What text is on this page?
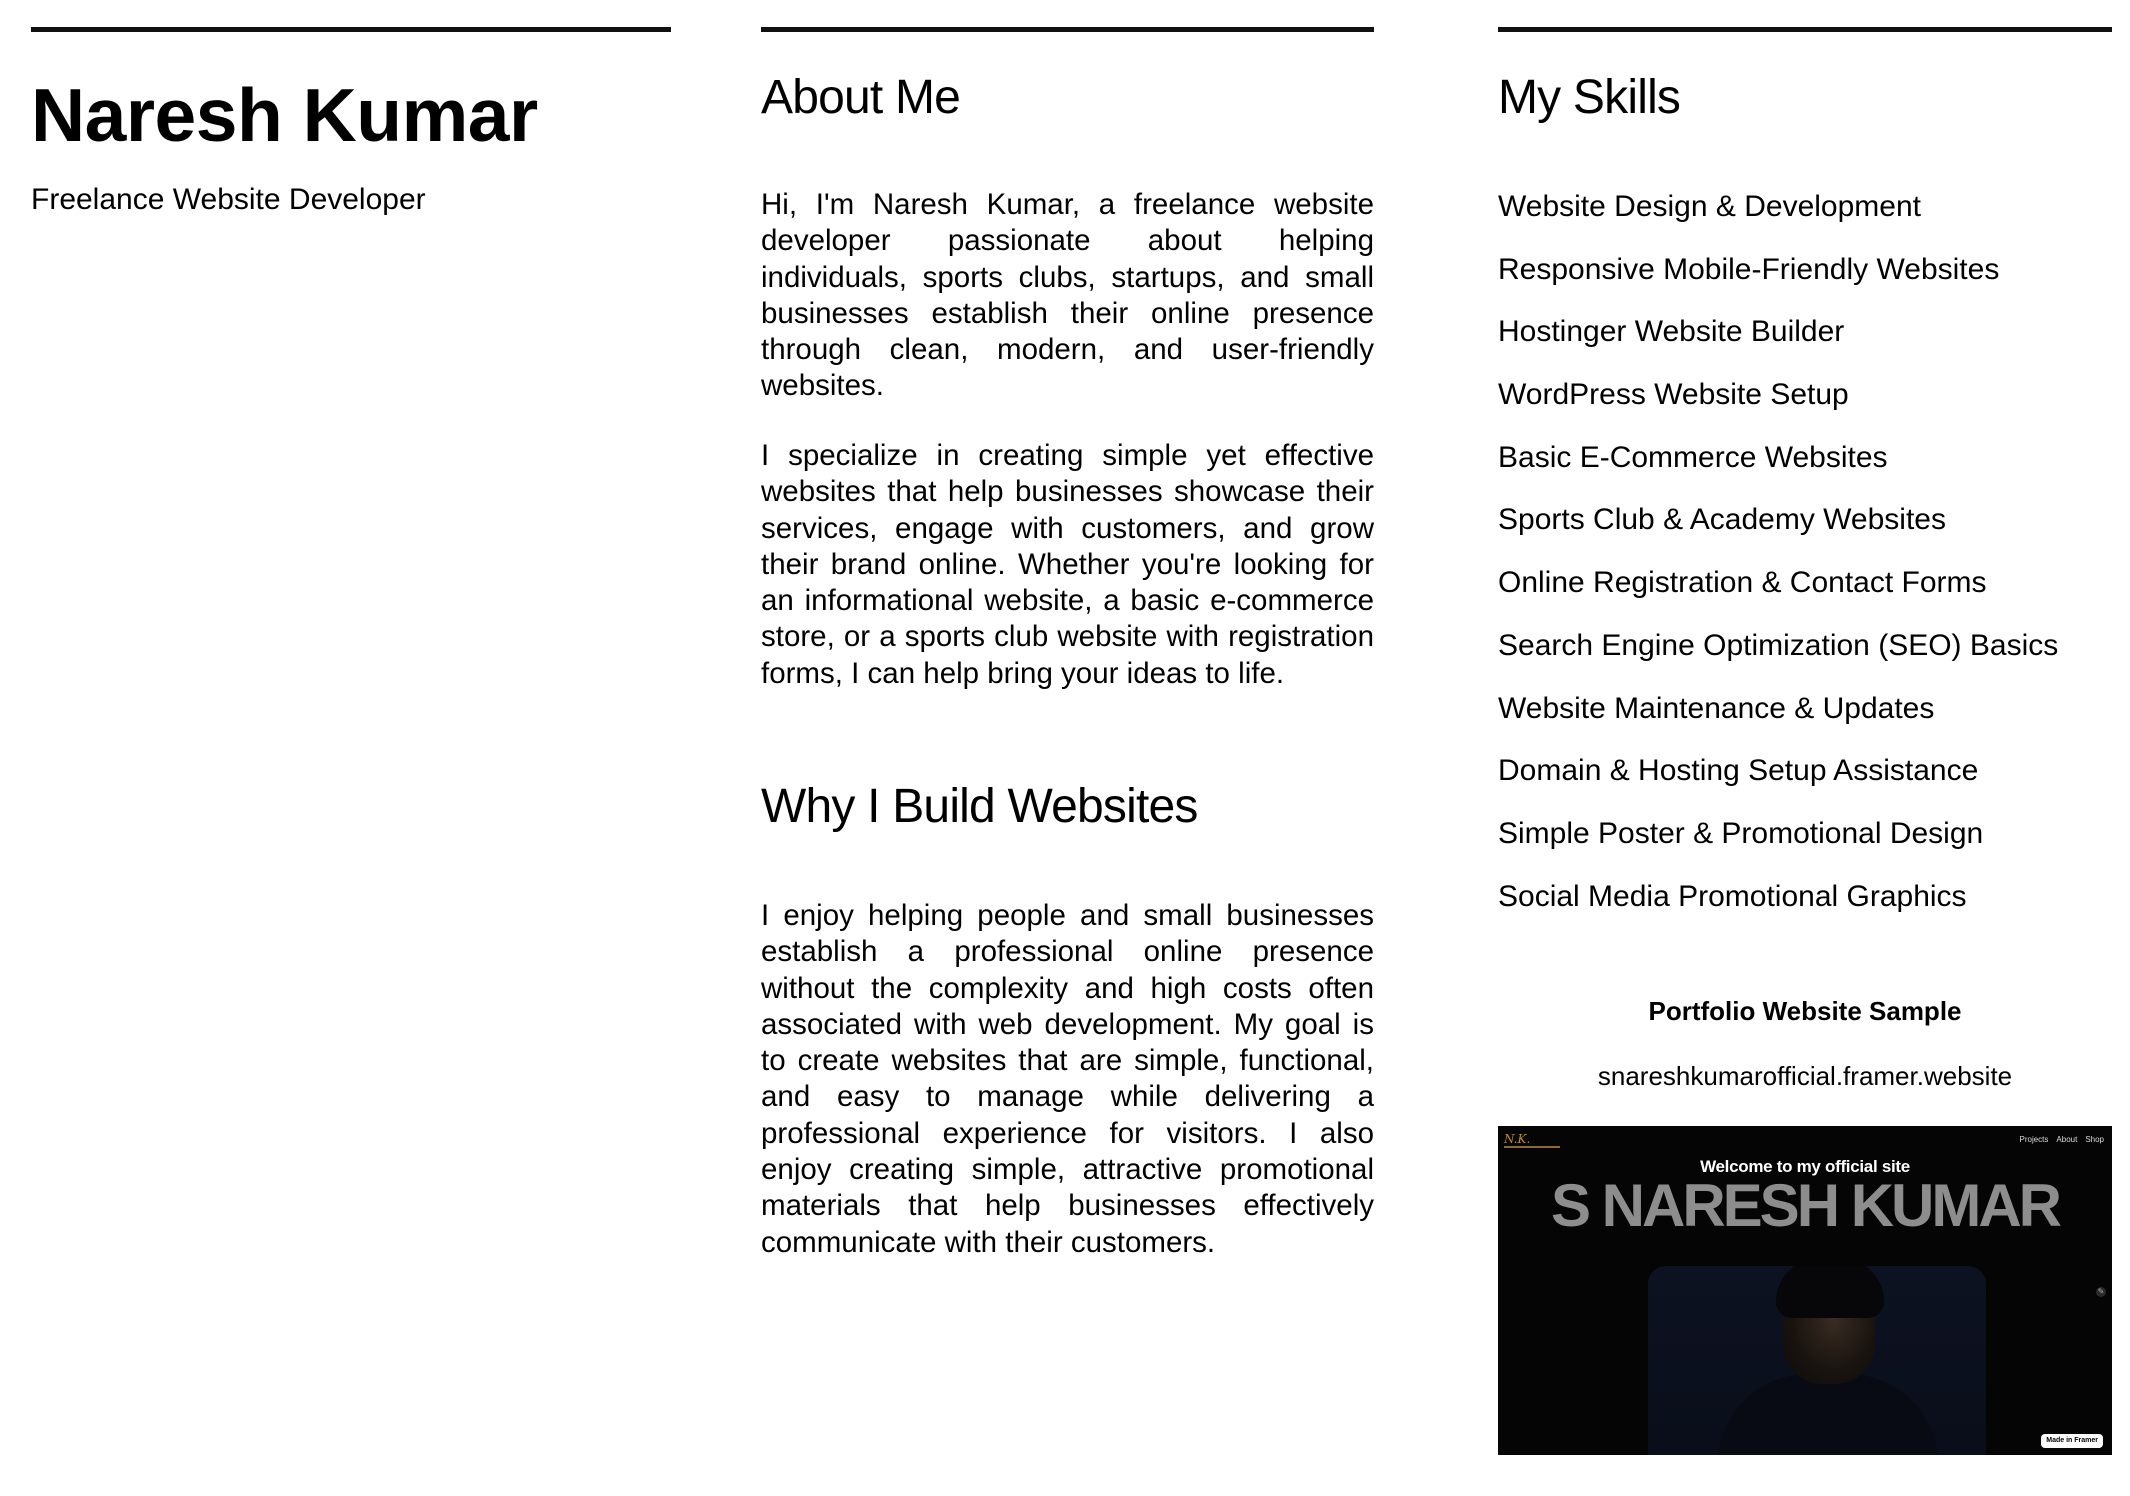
Naresh Kumar

Freelance Website Developer

About Me

Hi, I'm Naresh Kumar, a freelance website developer passionate about helping individuals, sports clubs, startups, and small businesses establish their online presence through clean, modern, and user-friendly websites.

I specialize in creating simple yet effective websites that help businesses showcase their services, engage with customers, and grow their brand online. Whether you're looking for an informational website, a basic e-commerce store, or a sports club website with registration forms, I can help bring your ideas to life.

Why I Build Websites

I enjoy helping people and small businesses establish a professional online presence without the complexity and high costs often associated with web development. My goal is to create websites that are simple, functional, and easy to manage while delivering a professional experience for visitors. I also enjoy creating simple, attractive promotional materials that help businesses effectively communicate with their customers.

My Skills
Website Design & Development
Responsive Mobile-Friendly Websites
Hostinger Website Builder
WordPress Website Setup
Basic E-Commerce Websites
Sports Club & Academy Websites
Online Registration & Contact Forms
Search Engine Optimization (SEO) Basics
Website Maintenance & Updates
Domain & Hosting Setup Assistance
Simple Poster & Promotional Design
Social Media Promotional Graphics

Portfolio Website Sample

snareshkumarofficial.framer.website

N.K.	Projects About Shop
Welcome to my official site
S NARESH KUMAR
✎
Made in Framer
